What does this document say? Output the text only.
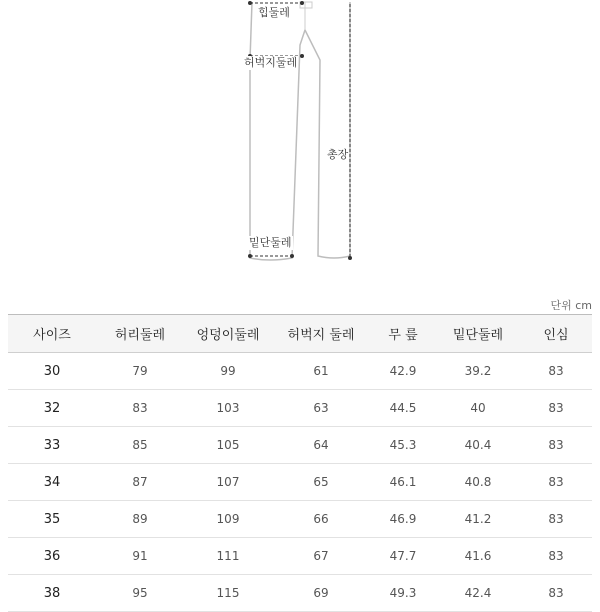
힙둘레
허벅지둘레
총장
밑단둘레
단위 cm
사이즈	허리둘레	엉덩이둘레	허벅지 둘레	무 릎	밑단둘레	인심
30	79	99	61	42.9	39.2	83
32	83	103	63	44.5	40	83
33	85	105	64	45.3	40.4	83
34	87	107	65	46.1	40.8	83
35	89	109	66	46.9	41.2	83
36	91	111	67	47.7	41.6	83
38	95	115	69	49.3	42.4	83
